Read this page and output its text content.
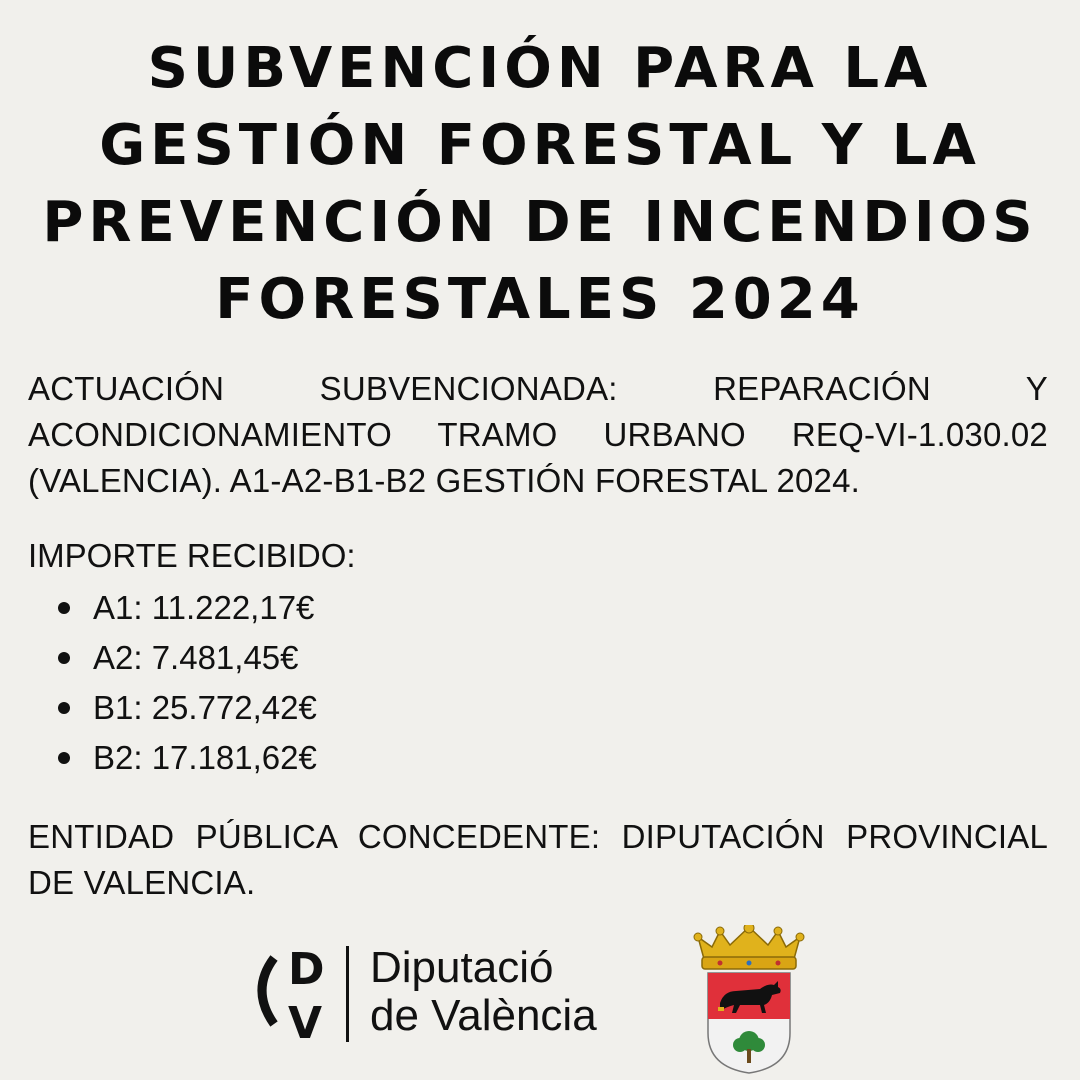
SUBVENCIÓN PARA LA
GESTIÓN FORESTAL Y LA
PREVENCIÓN DE INCENDIOS
FORESTALES 2024

ACTUACIÓN SUBVENCIONADA: REPARACIÓN Y ACONDICIONAMIENTO TRAMO URBANO REQ-VI-1.030.02 (VALENCIA). A1-A2-B1-B2 GESTIÓN FORESTAL 2024.

IMPORTE RECIBIDO:

A1: 11.222,17€
A2: 7.481,45€
B1: 25.772,42€
B2: 17.181,62€

ENTIDAD PÚBLICA CONCEDENTE: DIPUTACIÓN PROVINCIAL DE VALENCIA.

D
V
Diputació
de València
